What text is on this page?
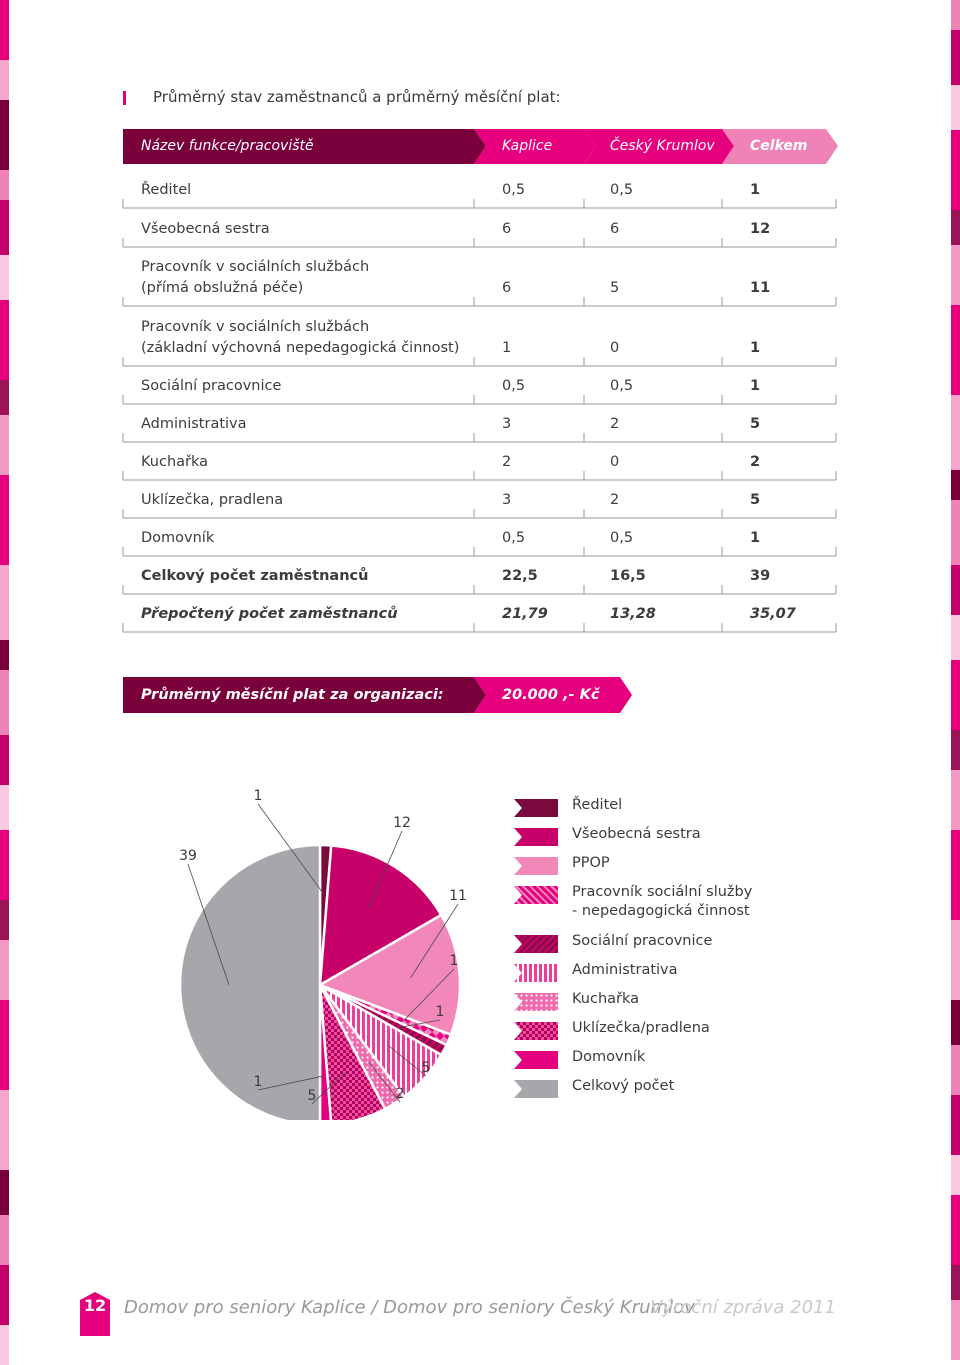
Průměrný stav zaměstnanců a průměrný měsíční plat:
Název funkce/pracoviště	Kaplice	Český Krumlov	Celkem
Ředitel	0,5	0,5	1
Všeobecná sestra	6	6	12
Pracovník v sociálních službách
(přímá obslužná péče)	6	5	11
Pracovník v sociálních službách
(základní výchovná nepedagogická činnost)	1	0	1
Sociální pracovnice	0,5	0,5	1
Administrativa	3	2	5
Kuchařka	2	0	2
Uklízečka, pradlena	3	2	5
Domovník	0,5	0,5	1
Celkový počet zaměstnanců	22,5	16,5	39
Přepočtený počet zaměstnanců	21,79	13,28	35,07
Průměrný měsíční plat za organizaci:	20.000 ,- Kč
1
12
11
1
1
5
2
5
1
39
Ředitel
Všeobecná sestra
PPOP
Pracovník sociální služby
- nepedagogická činnost
Sociální pracovnice
Administrativa
Kuchařka
Uklízečka/pradlena
Domovník
Celkový počet
12 Domov pro seniory Kaplice / Domov pro seniory Český Krumlov
Výroční zpráva 2011
